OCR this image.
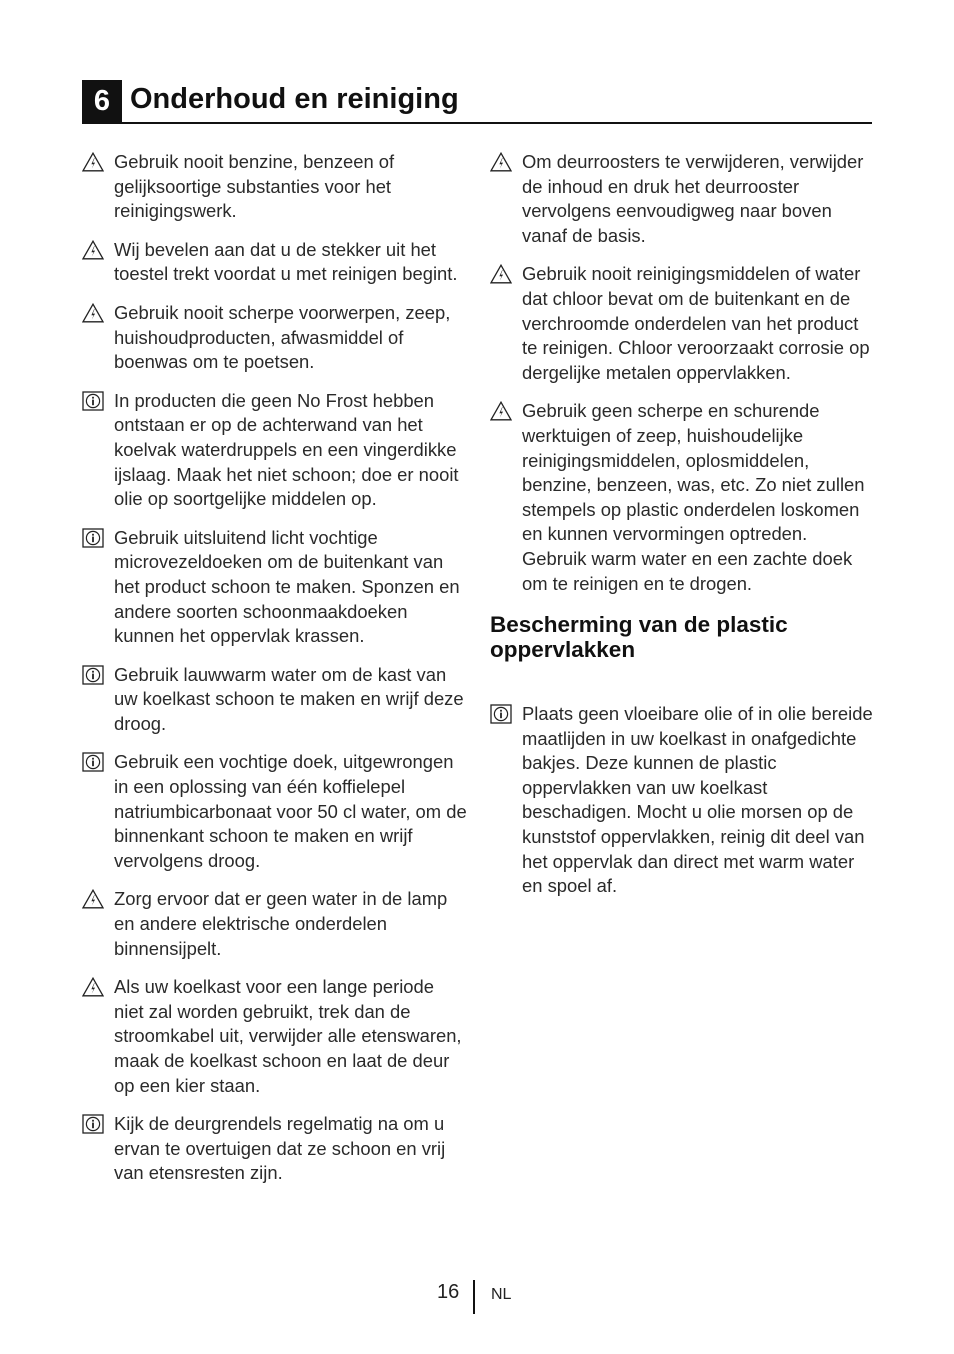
6 Onderhoud en reiniging
Gebruik nooit benzine, benzeen of gelijksoortige substanties voor het reinigingswerk.
Wij bevelen aan dat u de stekker uit het toestel trekt voordat u met reinigen begint.
Gebruik nooit scherpe voorwerpen, zeep, huishoudproducten, afwasmiddel of boenwas om te poetsen.
In producten die geen No Frost hebben ontstaan er op de achterwand van het koelvak waterdruppels en een vingerdikke ijslaag. Maak het niet schoon; doe er nooit olie op soortgelijke middelen op.
Gebruik uitsluitend licht vochtige microvezeldoeken om de buitenkant van het product schoon te maken. Sponzen en andere soorten schoonmaakdoeken kunnen het oppervlak krassen.
Gebruik lauwwarm water om de kast van uw koelkast schoon te maken en wrijf deze droog.
Gebruik een vochtige doek, uitgewrongen in een oplossing van één koffielepel natriumbicarbonaat voor 50 cl water, om de binnenkant schoon te maken en wrijf vervolgens droog.
Zorg ervoor dat er geen water in de lamp en andere elektrische onderdelen binnensijpelt.
Als uw koelkast voor een lange periode niet zal worden gebruikt, trek dan de stroomkabel uit, verwijder alle etenswaren, maak de koelkast schoon en laat de deur op een kier staan.
Kijk de deurgrendels regelmatig na om u ervan te overtuigen dat ze schoon en vrij van etensresten zijn.
Om deurroosters te verwijderen, verwijder de inhoud en druk het deurrooster vervolgens eenvoudigweg naar boven vanaf de basis.
Gebruik nooit reinigingsmiddelen of water dat chloor bevat om de buitenkant en de verchroomde onderdelen van het product te reinigen. Chloor veroorzaakt corrosie op dergelijke metalen oppervlakken.
Gebruik geen scherpe en schurende werktuigen of zeep, huishoudelijke reinigingsmiddelen, oplosmiddelen, benzine, benzeen, was, etc. Zo niet zullen stempels op plastic onderdelen loskomen en kunnen vervormingen optreden. Gebruik warm water en een zachte doek om te reinigen en te drogen.
Bescherming van de plastic oppervlakken
Plaats geen vloeibare olie of in olie bereide maatlijden in uw koelkast in onafgedichte bakjes. Deze kunnen de plastic oppervlakken van uw koelkast beschadigen. Mocht u olie morsen op de kunststof oppervlakken, reinig dit deel van het oppervlak dan direct met warm water en spoel af.
16 NL
